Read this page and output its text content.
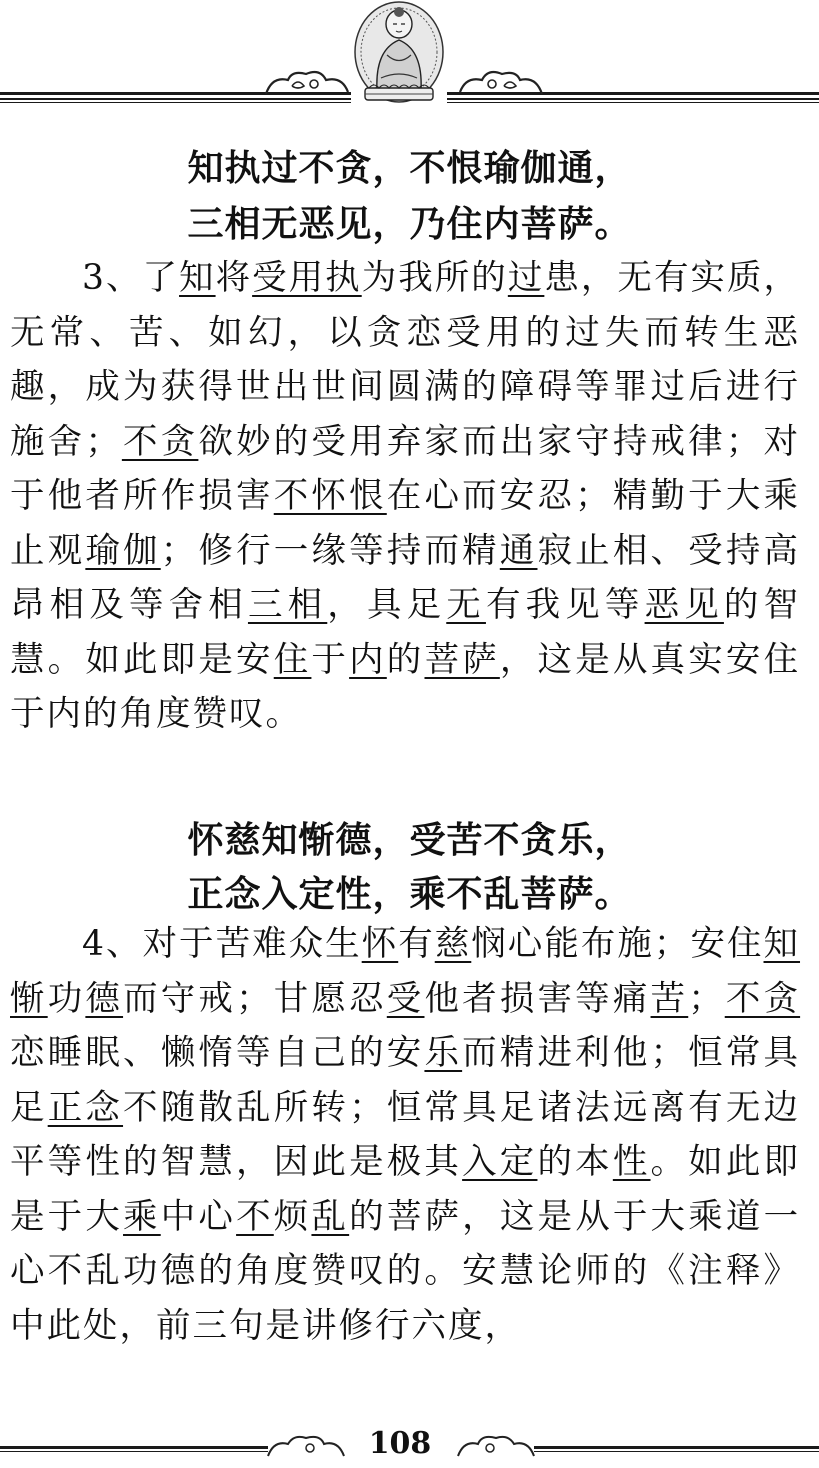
知执过不贪，不恨瑜伽通，
三相无恶见，乃住内菩萨。
3、了知将受用执为我所的过患，无有实质，无常、苦、如幻，以贪恋受用的过失而转生恶趣，成为获得世出世间圆满的障碍等罪过后进行施舍；不贪欲妙的受用弃家而出家守持戒律；对于他者所作损害不怀恨在心而安忍；精勤于大乘止观瑜伽；修行一缘等持而精通寂止相、受持高昂相及等舍相三相，具足无有我见等恶见的智慧。如此即是安住于内的菩萨，这是从真实安住于内的角度赞叹。
怀慈知惭德，受苦不贪乐，
正念入定性，乘不乱菩萨。
4、对于苦难众生怀有慈悯心能布施；安住知惭功德而守戒；甘愿忍受他者损害等痛苦；不贪恋睡眠、懒惰等自己的安乐而精进利他；恒常具足正念不随散乱所转；恒常具足诸法远离有无边平等性的智慧，因此是极其入定的本性。如此即是于大乘中心不烦乱的菩萨，这是从于大乘道一心不乱功德的角度赞叹的。安慧论师的《注释》中此处，前三句是讲修行六度，
108
